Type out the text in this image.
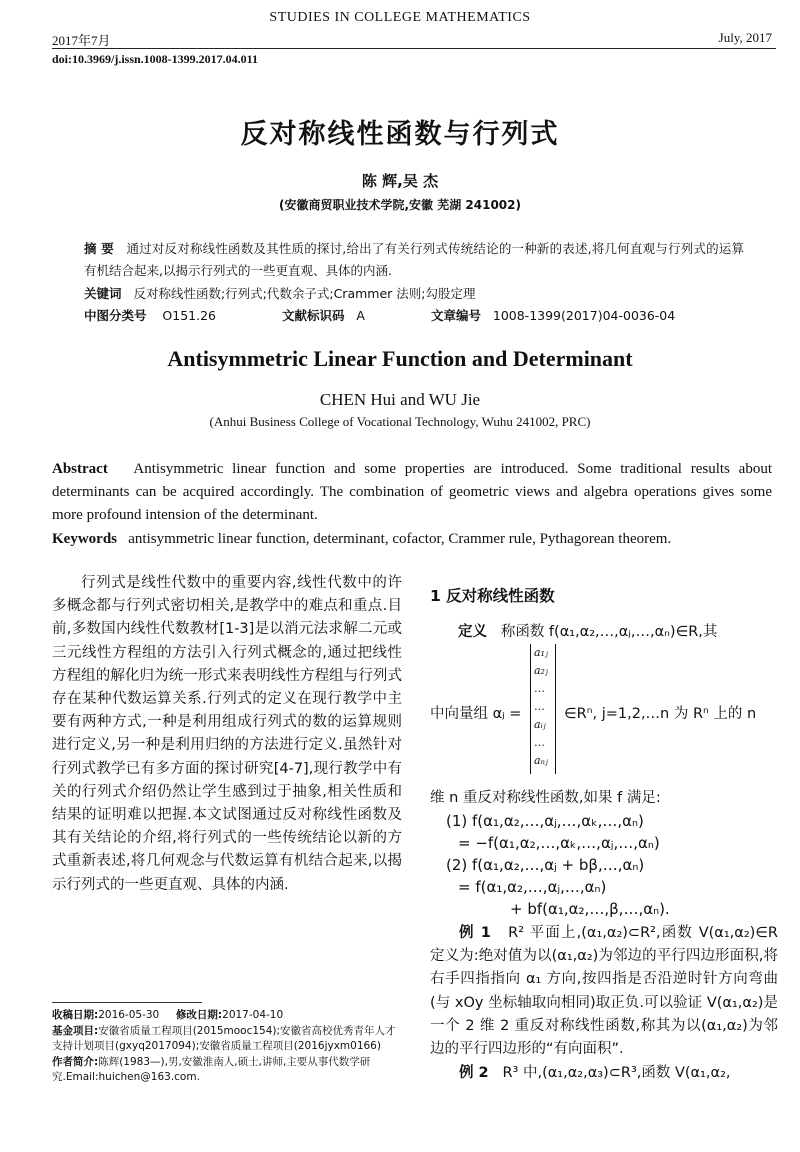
2017年7月
STUDIES IN COLLEGE MATHEMATICS
July, 2017
doi:10.3969/j.issn.1008-1399.2017.04.011
反对称线性函数与行列式
陈 辉,吴 杰
(安徽商贸职业技术学院,安徽 芜湖 241002)
摘 要 通过对反对称线性函数及其性质的探讨,给出了有关行列式传统结论的一种新的表述,将几何直观与行列式的运算有机结合起来,以揭示行列式的一些更直观、具体的内涵.
关键词 反对称线性函数;行列式;代数余子式;Crammer 法则;勾股定理
中图分类号 O151.26	文献标识码 A	文章编号 1008-1399(2017)04-0036-04
Antisymmetric Linear Function and Determinant
CHEN Hui and WU Jie
(Anhui Business College of Vocational Technology, Wuhu 241002, PRC)
Abstract Antisymmetric linear function and some properties are introduced. Some traditional results about determinants can be acquired accordingly. The combination of geometric views and algebra operations gives some more profound intension of the determinant.
Keywords antisymmetric linear function, determinant, cofactor, Crammer rule, Pythagorean theorem.
行列式是线性代数中的重要内容,线性代数中的许多概念都与行列式密切相关,是教学中的难点和重点.目前,多数国内线性代数教材[1-3]是以消元法求解二元或三元线性方程组的方法引入行列式概念的,通过把线性方程组的解化归为统一形式来表明线性方程组与行列式存在某种代数运算关系.行列式的定义在现行教学中主要有两种方式,一种是利用组成行列式的数的运算规则进行定义,另一种是利用归纳的方法进行定义.虽然针对行列式教学已有多方面的探讨研究[4-7],现行教学中有关的行列式介绍仍然让学生感到过于抽象,相关性质和结果的证明难以把握.本文试图通过反对称线性函数及其有关结论的介绍,将行列式的一些传统结论以新的方式重新表述,将几何观念与代数运算有机结合起来,以揭示行列式的一些更直观、具体的内涵.
收稿日期:2016-05-30 修改日期:2017-04-10
基金项目:安徽省质量工程项目(2015mooc154);安徽省高校优秀青年人才支持计划项目(gxyq2017094);安徽省质量工程项目(2016jyxm0166)
作者简介:陈辉(1983—),男,安徽淮南人,硕士,讲师,主要从事代数学研究.Email:huichen@163.com.
1 反对称线性函数
定义 称函数 f(α₁,α₂,…,αⱼ,…,αₙ)∈R,其
中向量组 αⱼ =
a₁ⱼ
a₂ⱼ
…
…
aᵢⱼ
…
aₙⱼ
∈Rⁿ, j=1,2,…n 为 Rⁿ 上的 n
维 n 重反对称线性函数,如果 f 满足:
(1) f(α₁,α₂,…,αⱼ,…,αₖ,…,αₙ)
= −f(α₁,α₂,…,αₖ,…,αⱼ,…,αₙ)
(2) f(α₁,α₂,…,αⱼ + bβ,…,αₙ)
= f(α₁,α₂,…,αⱼ,…,αₙ)
+ bf(α₁,α₂,…,β,…,αₙ).
例 1 R² 平面上,(α₁,α₂)⊂R²,函数 V(α₁,α₂)∈R 定义为:绝对值为以(α₁,α₂)为邻边的平行四边形面积,将右手四指指向 α₁ 方向,按四指是否沿逆时针方向弯曲(与 xOy 坐标轴取向相同)取正负.可以验证 V(α₁,α₂)是一个 2 维 2 重反对称线性函数,称其为以(α₁,α₂)为邻边的平行四边形的“有向面积”.
例 2 R³ 中,(α₁,α₂,α₃)⊂R³,函数 V(α₁,α₂,
